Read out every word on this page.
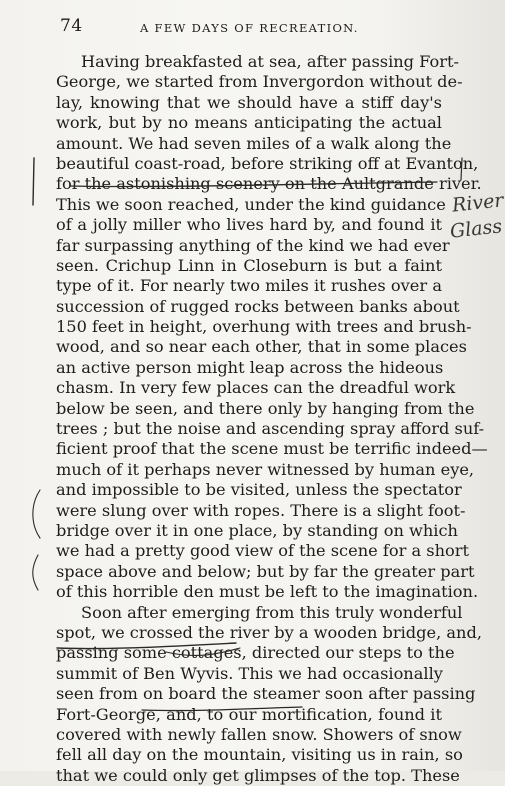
74	A FEW DAYS OF RECREATION.
Having breakfasted at sea, after passing Fort-
George, we started from Invergordon without de-
lay, knowing that we should have a stiff day's
work, but by no means anticipating the actual
amount. We had seven miles of a walk along the
beautiful coast-road, before striking off at Evanton,
for the astonishing scenery on the Aultgrande river.
This we soon reached, under the kind guidance
of a jolly miller who lives hard by, and found it
far surpassing anything of the kind we had ever
seen. Crichup Linn in Closeburn is but a faint
type of it. For nearly two miles it rushes over a
succession of rugged rocks between banks about
150 feet in height, overhung with trees and brush-
wood, and so near each other, that in some places
an active person might leap across the hideous
chasm. In very few places can the dreadful work
below be seen, and there only by hanging from the
trees ; but the noise and ascending spray afford suf-
ficient proof that the scene must be terrific indeed—
much of it perhaps never witnessed by human eye,
and impossible to be visited, unless the spectator
were slung over with ropes. There is a slight foot-
bridge over it in one place, by standing on which
we had a pretty good view of the scene for a short
space above and below; but by far the greater part
of this horrible den must be left to the imagination.
Soon after emerging from this truly wonderful
spot, we crossed the river by a wooden bridge, and,
passing some cottages, directed our steps to the
summit of Ben Wyvis. This we had occasionally
seen from on board the steamer soon after passing
Fort-George, and, to our mortification, found it
covered with newly fallen snow. Showers of snow
fell all day on the mountain, visiting us in rain, so
that we could only get glimpses of the top. These
River
Glass
